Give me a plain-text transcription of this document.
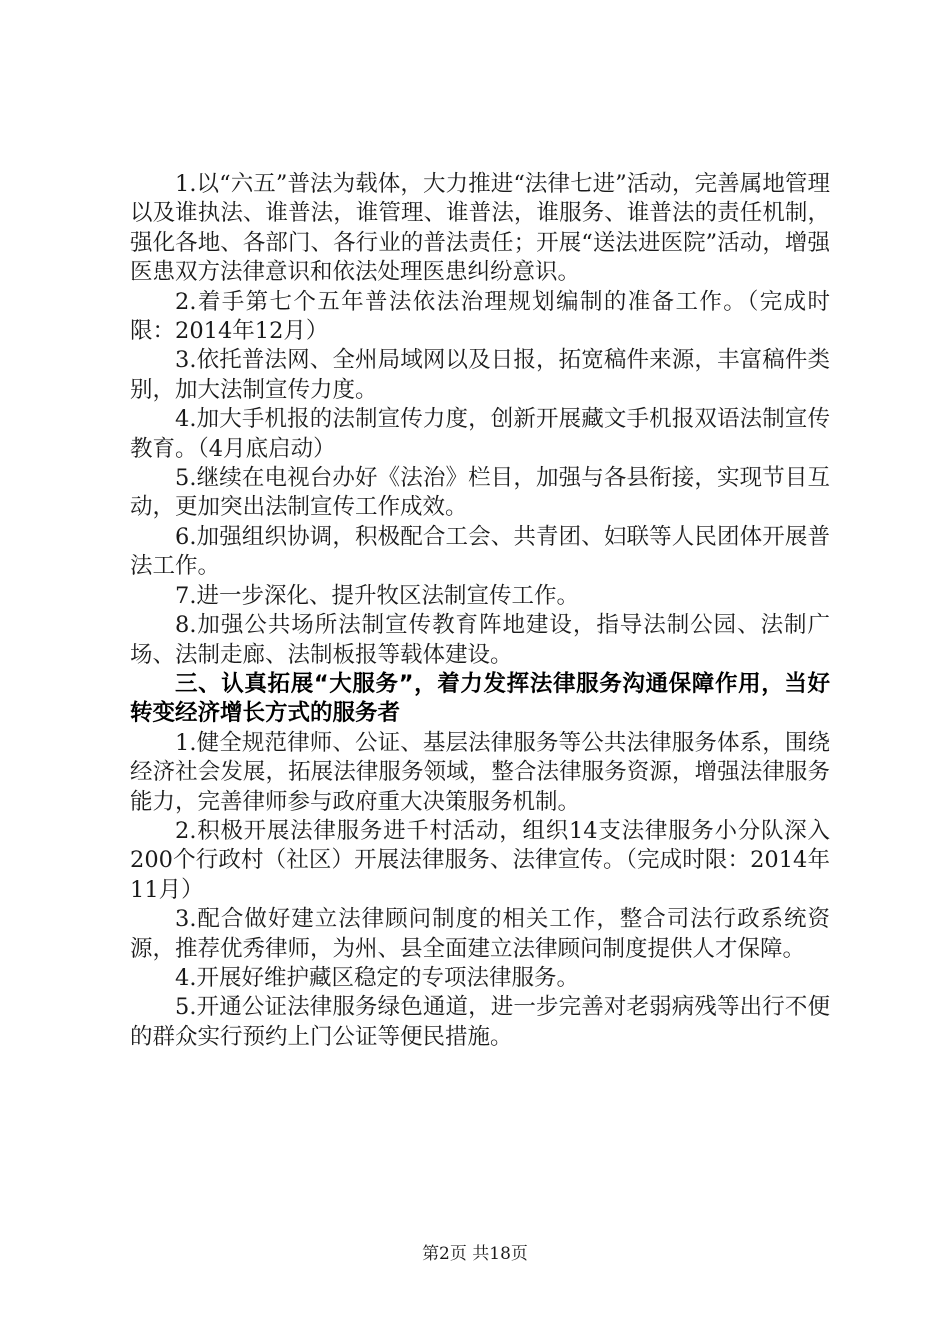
1.以“六五”普法为载体，大力推进“法律七进”活动，完善属地管理以及谁执法、谁普法，谁管理、谁普法，谁服务、谁普法的责任机制，强化各地、各部门、各行业的普法责任；开展“送法进医院”活动，增强医患双方法律意识和依法处理医患纠纷意识。

2.着手第七个五年普法依法治理规划编制的准备工作。（完成时限：2014年12月）

3.依托普法网、全州局域网以及日报，拓宽稿件来源，丰富稿件类别，加大法制宣传力度。

4.加大手机报的法制宣传力度，创新开展藏文手机报双语法制宣传教育。（4月底启动）

5.继续在电视台办好《法治》栏目，加强与各县衔接，实现节目互动，更加突出法制宣传工作成效。

6.加强组织协调，积极配合工会、共青团、妇联等人民团体开展普法工作。

7.进一步深化、提升牧区法制宣传工作。

8.加强公共场所法制宣传教育阵地建设，指导法制公园、法制广场、法制走廊、法制板报等载体建设。

三、认真拓展“大服务”，着力发挥法律服务沟通保障作用，当好转变经济增长方式的服务者

1.健全规范律师、公证、基层法律服务等公共法律服务体系，围绕经济社会发展，拓展法律服务领域，整合法律服务资源，增强法律服务能力，完善律师参与政府重大决策服务机制。

2.积极开展法律服务进千村活动，组织14支法律服务小分队深入200个行政村（社区）开展法律服务、法律宣传。（完成时限：2014年11月）

3.配合做好建立法律顾问制度的相关工作，整合司法行政系统资源，推荐优秀律师，为州、县全面建立法律顾问制度提供人才保障。

4.开展好维护藏区稳定的专项法律服务。

5.开通公证法律服务绿色通道，进一步完善对老弱病残等出行不便的群众实行预约上门公证等便民措施。

第2页 共18页
